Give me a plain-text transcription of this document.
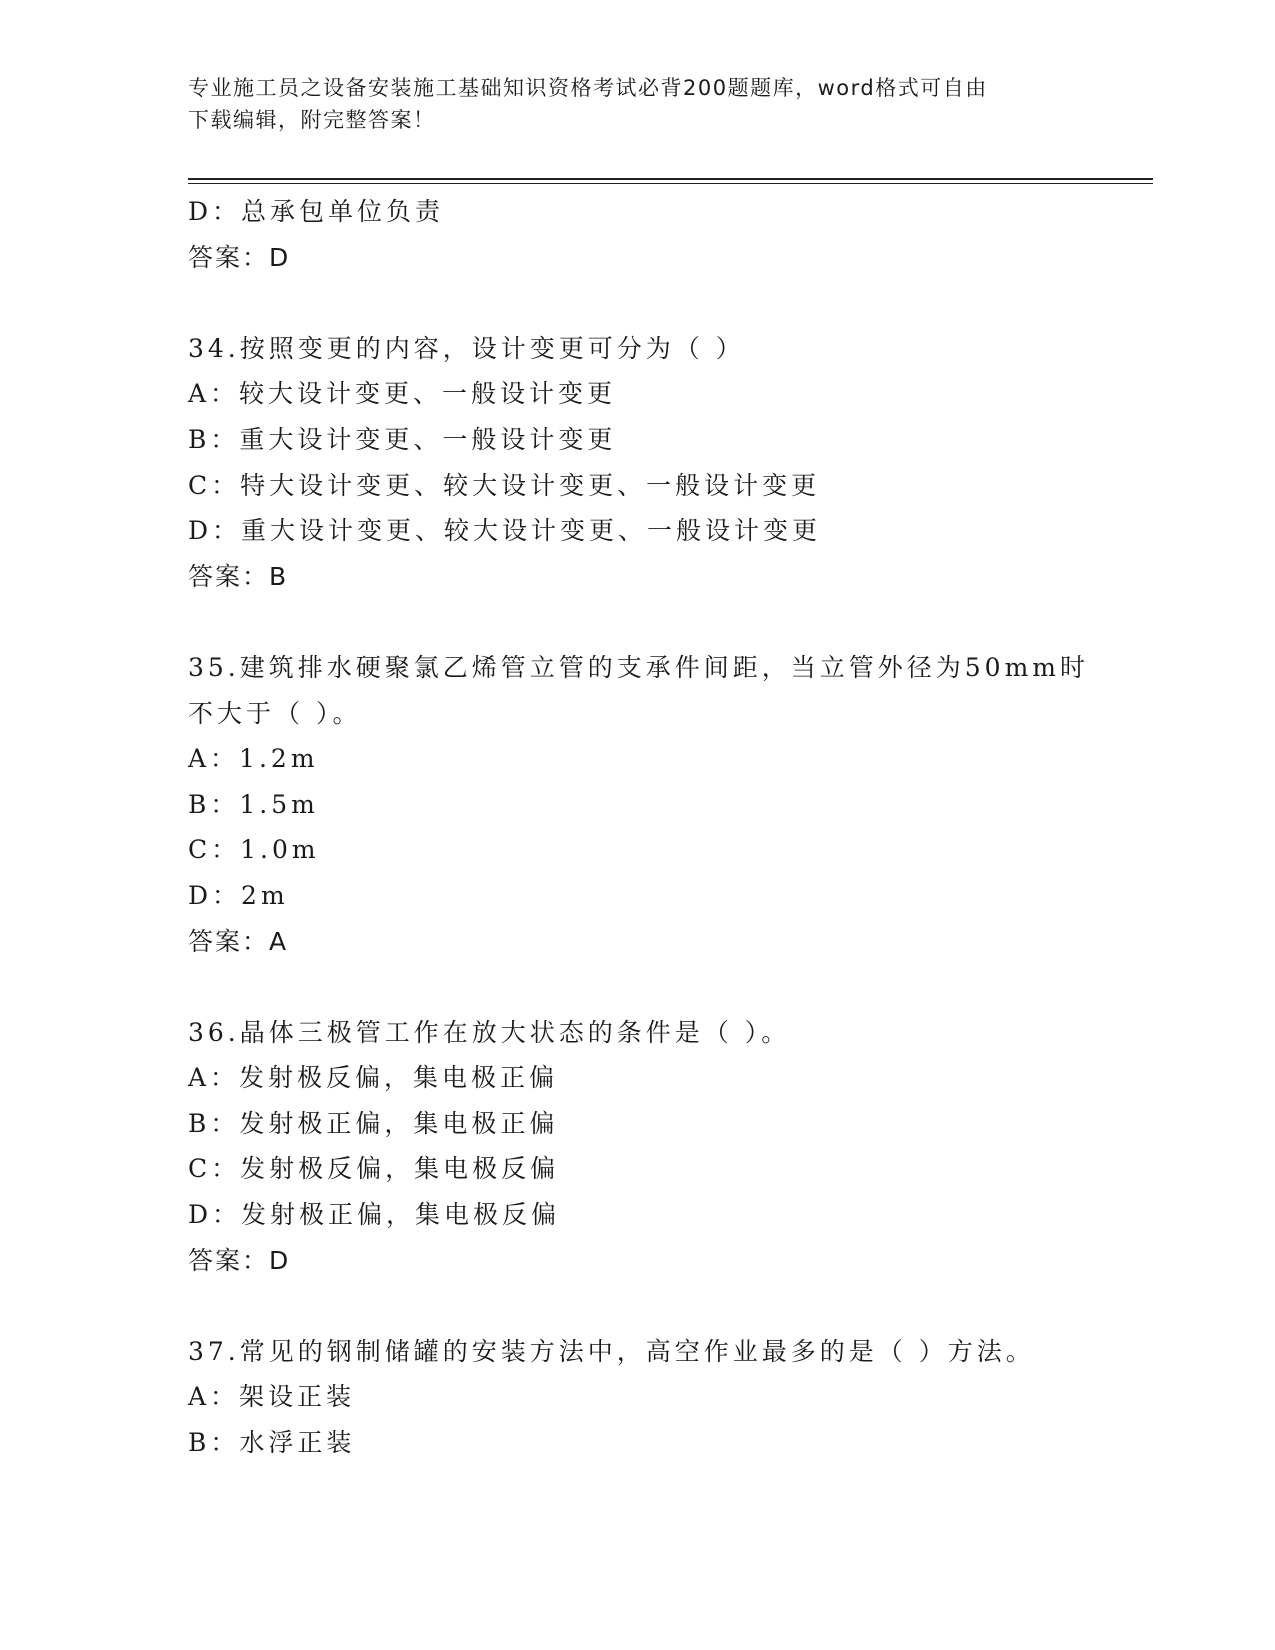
专业施工员之设备安装施工基础知识资格考试必背200题题库，word格式可自由
下载编辑，附完整答案！
D：总承包单位负责
答案：D
34.按照变更的内容，设计变更可分为（ ）
A：较大设计变更、一般设计变更
B：重大设计变更、一般设计变更
C：特大设计变更、较大设计变更、一般设计变更
D：重大设计变更、较大设计变更、一般设计变更
答案：B
35.建筑排水硬聚氯乙烯管立管的支承件间距，当立管外径为50mm时
不大于（ ）。
A：1.2m
B：1.5m
C：1.0m
D：2m
答案：A
36.晶体三极管工作在放大状态的条件是（ ）。
A：发射极反偏，集电极正偏
B：发射极正偏，集电极正偏
C：发射极反偏，集电极反偏
D：发射极正偏，集电极反偏
答案：D
37.常见的钢制储罐的安装方法中，高空作业最多的是（ ）方法。
A：架设正装
B：水浮正装
